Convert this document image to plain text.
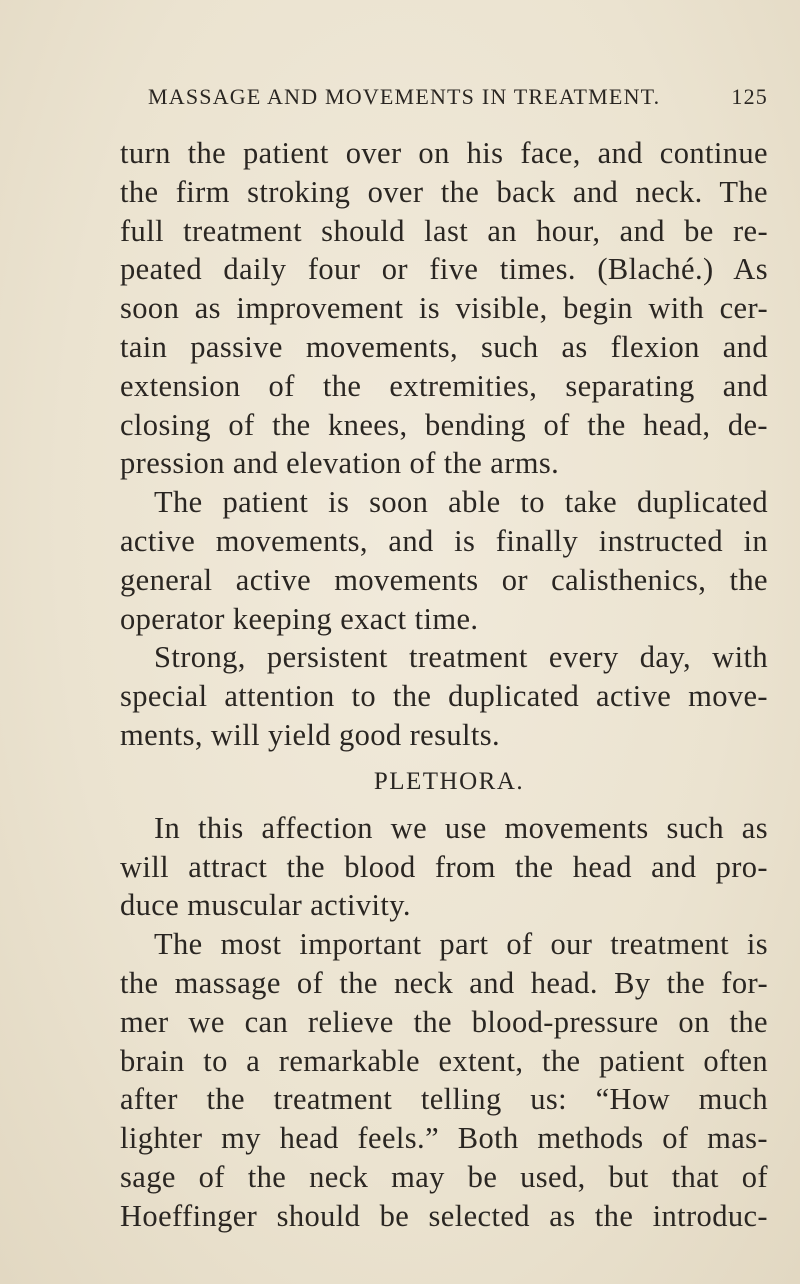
MASSAGE AND MOVEMENTS IN TREATMENT.	125
turn the patient over on his face, and continue
the firm stroking over the back and neck. The
full treatment should last an hour, and be re-
peated daily four or five times. (Blaché.) As
soon as improvement is visible, begin with cer-
tain passive movements, such as flexion and
extension of the extremities, separating and
closing of the knees, bending of the head, de-
pression and elevation of the arms.
The patient is soon able to take duplicated
active movements, and is finally instructed in
general active movements or calisthenics, the
operator keeping exact time.
Strong, persistent treatment every day, with
special attention to the duplicated active move-
ments, will yield good results.
PLETHORA.
In this affection we use movements such as
will attract the blood from the head and pro-
duce muscular activity.
The most important part of our treatment is
the massage of the neck and head. By the for-
mer we can relieve the blood-pressure on the
brain to a remarkable extent, the patient often
after the treatment telling us: “How much
lighter my head feels.” Both methods of mas-
sage of the neck may be used, but that of
Hoeffinger should be selected as the introduc-
